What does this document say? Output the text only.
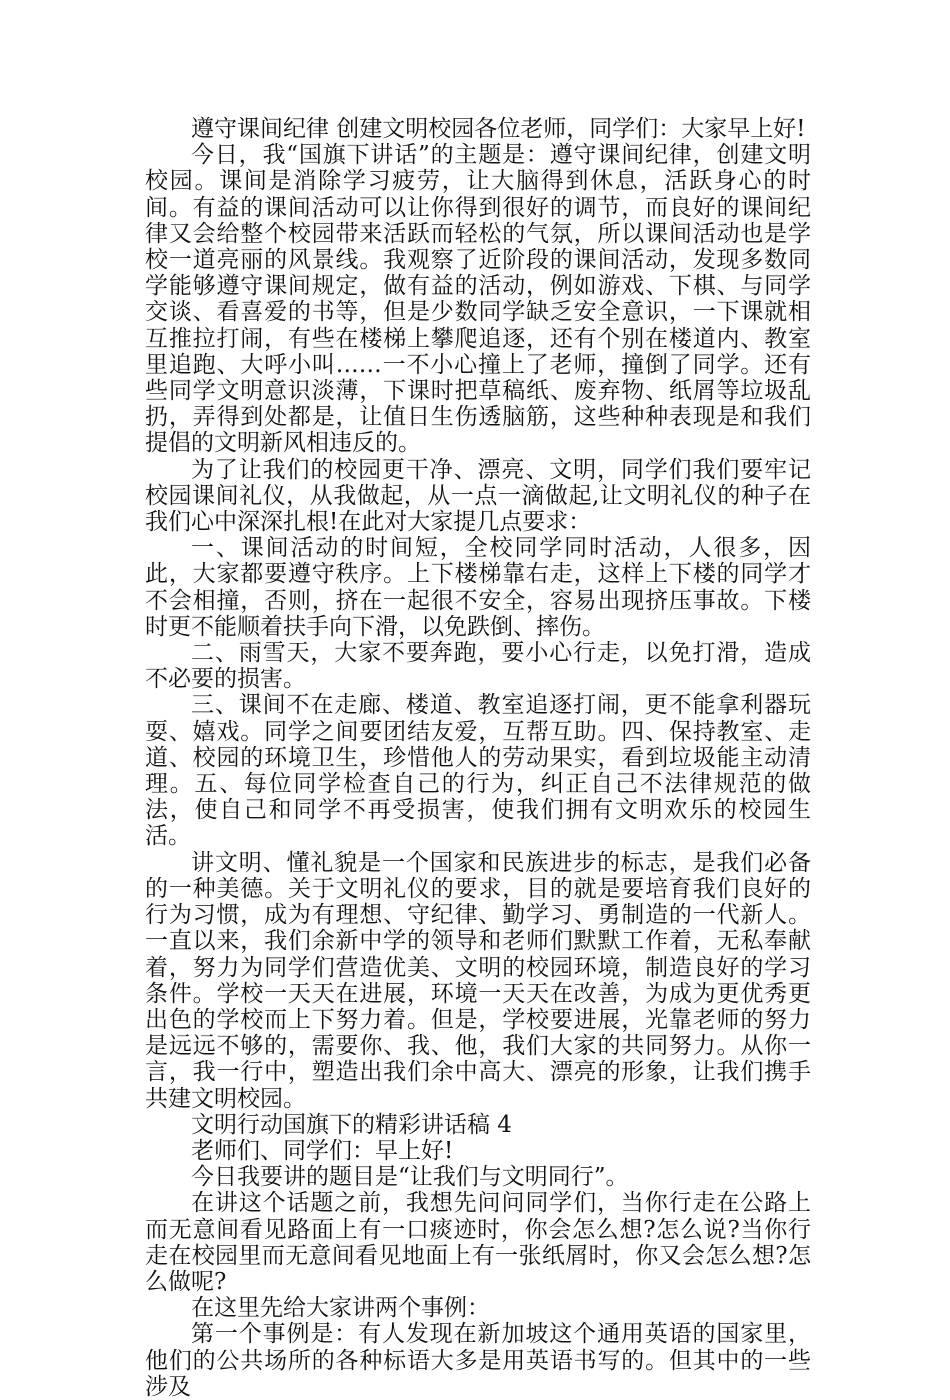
遵守课间纪律 创建文明校园各位老师，同学们：大家早上好!

今日，我“国旗下讲话”的主题是：遵守课间纪律，创建文明校园。课间是消除学习疲劳，让大脑得到休息，活跃身心的时间。有益的课间活动可以让你得到很好的调节，而良好的课间纪律又会给整个校园带来活跃而轻松的气氛，所以课间活动也是学校一道亮丽的风景线。我观察了近阶段的课间活动，发现多数同学能够遵守课间规定，做有益的活动，例如游戏、下棋、与同学交谈、看喜爱的书等，但是少数同学缺乏安全意识，一下课就相互推拉打闹，有些在楼梯上攀爬追逐，还有个别在楼道内、教室里追跑、大呼小叫……一不小心撞上了老师，撞倒了同学。还有些同学文明意识淡薄，下课时把草稿纸、废弃物、纸屑等垃圾乱扔，弄得到处都是，让值日生伤透脑筋，这些种种表现是和我们提倡的文明新风相违反的。

为了让我们的校园更干净、漂亮、文明，同学们我们要牢记校园课间礼仪，从我做起，从一点一滴做起,让文明礼仪的种子在我们心中深深扎根!在此对大家提几点要求：

一、课间活动的时间短，全校同学同时活动，人很多，因此，大家都要遵守秩序。上下楼梯靠右走，这样上下楼的同学才不会相撞，否则，挤在一起很不安全，容易出现挤压事故。下楼时更不能顺着扶手向下滑，以免跌倒、摔伤。

二、雨雪天，大家不要奔跑，要小心行走，以免打滑，造成不必要的损害。

三、课间不在走廊、楼道、教室追逐打闹，更不能拿利器玩耍、嬉戏。同学之间要团结友爱，互帮互助。四、保持教室、走道、校园的环境卫生，珍惜他人的劳动果实，看到垃圾能主动清理。五、每位同学检查自己的行为，纠正自己不法律规范的做法，使自己和同学不再受损害，使我们拥有文明欢乐的校园生活。

讲文明、懂礼貌是一个国家和民族进步的标志，是我们必备的一种美德。关于文明礼仪的要求，目的就是要培育我们良好的行为习惯，成为有理想、守纪律、勤学习、勇制造的一代新人。一直以来，我们余新中学的领导和老师们默默工作着，无私奉献着，努力为同学们营造优美、文明的校园环境，制造良好的学习条件。学校一天天在进展，环境一天天在改善，为成为更优秀更出色的学校而上下努力着。但是，学校要进展，光靠老师的努力是远远不够的，需要你、我、他，我们大家的共同努力。从你一言，我一行中，塑造出我们余中高大、漂亮的形象，让我们携手共建文明校园。

文明行动国旗下的精彩讲话稿 4

老师们、同学们：早上好!

今日我要讲的题目是“让我们与文明同行”。

在讲这个话题之前，我想先问问同学们，当你行走在公路上而无意间看见路面上有一口痰迹时，你会怎么想?怎么说?当你行走在校园里而无意间看见地面上有一张纸屑时，你又会怎么想?怎么做呢?

在这里先给大家讲两个事例：

第一个事例是：有人发现在新加坡这个通用英语的国家里，他们的公共场所的各种标语大多是用英语书写的。但其中的一些涉及
